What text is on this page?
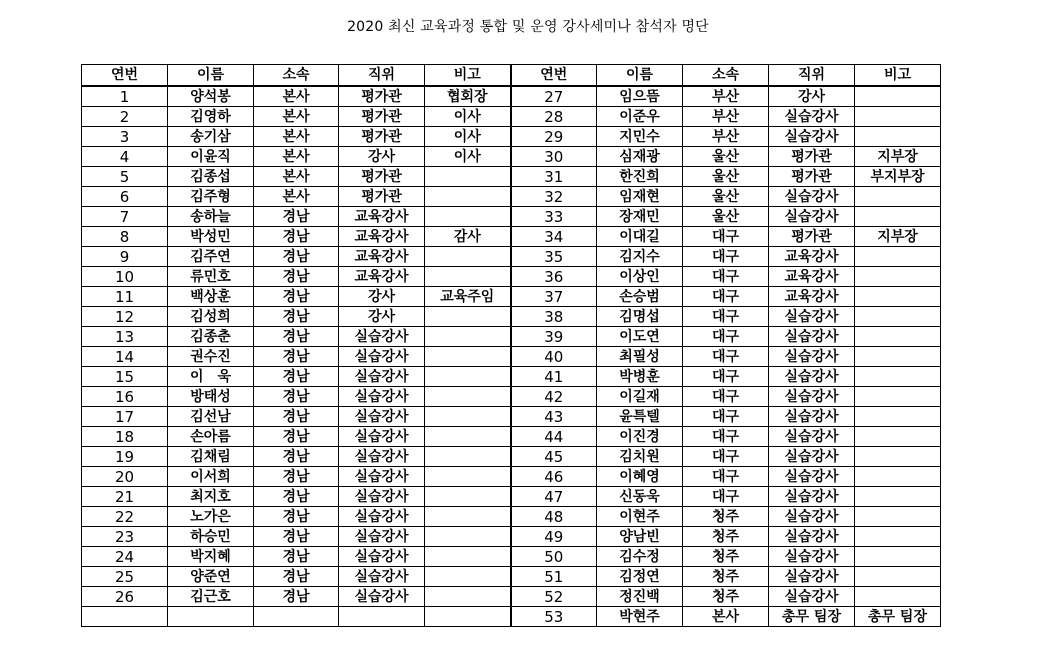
2020 최신 교육과정 통합 및 운영 강사세미나 참석자 명단
연번	이름	소속	직위	비고	연번	이름	소속	직위	비고
1	양석봉	본사	평가관	협회장	27	임으뜸	부산	강사	
2	김영하	본사	평가관	이사	28	이준우	부산	실습강사	
3	송기삼	본사	평가관	이사	29	지민수	부산	실습강사	
4	이윤직	본사	강사	이사	30	심재광	울산	평가관	지부장
5	김종섭	본사	평가관		31	한진희	울산	평가관	부지부장
6	김주형	본사	평가관		32	임재현	울산	실습강사	
7	송하늘	경남	교육강사		33	장재민	울산	실습강사	
8	박성민	경남	교육강사	감사	34	이대길	대구	평가관	지부장
9	김주연	경남	교육강사		35	김지수	대구	교육강사	
10	류민호	경남	교육강사		36	이상인	대구	교육강사	
11	백상훈	경남	강사	교육주임	37	손승범	대구	교육강사	
12	김성희	경남	강사		38	김명섭	대구	실습강사	
13	김종춘	경남	실습강사		39	이도연	대구	실습강사	
14	권수진	경남	실습강사		40	최필성	대구	실습강사	
15	이　욱	경남	실습강사		41	박병훈	대구	실습강사	
16	방태성	경남	실습강사		42	이길재	대구	실습강사	
17	김선남	경남	실습강사		43	윤특텔	대구	실습강사	
18	손아름	경남	실습강사		44	이진경	대구	실습강사	
19	김채림	경남	실습강사		45	김치원	대구	실습강사	
20	이서희	경남	실습강사		46	이혜영	대구	실습강사	
21	최지호	경남	실습강사		47	신동욱	대구	실습강사	
22	노가은	경남	실습강사		48	이현주	청주	실습강사	
23	하승민	경남	실습강사		49	양남빈	청주	실습강사	
24	박지혜	경남	실습강사		50	김수정	청주	실습강사	
25	양준연	경남	실습강사		51	김정연	청주	실습강사	
26	김근호	경남	실습강사		52	정진백	청주	실습강사	
					53	박현주	본사	총무 팀장	총무 팀장
